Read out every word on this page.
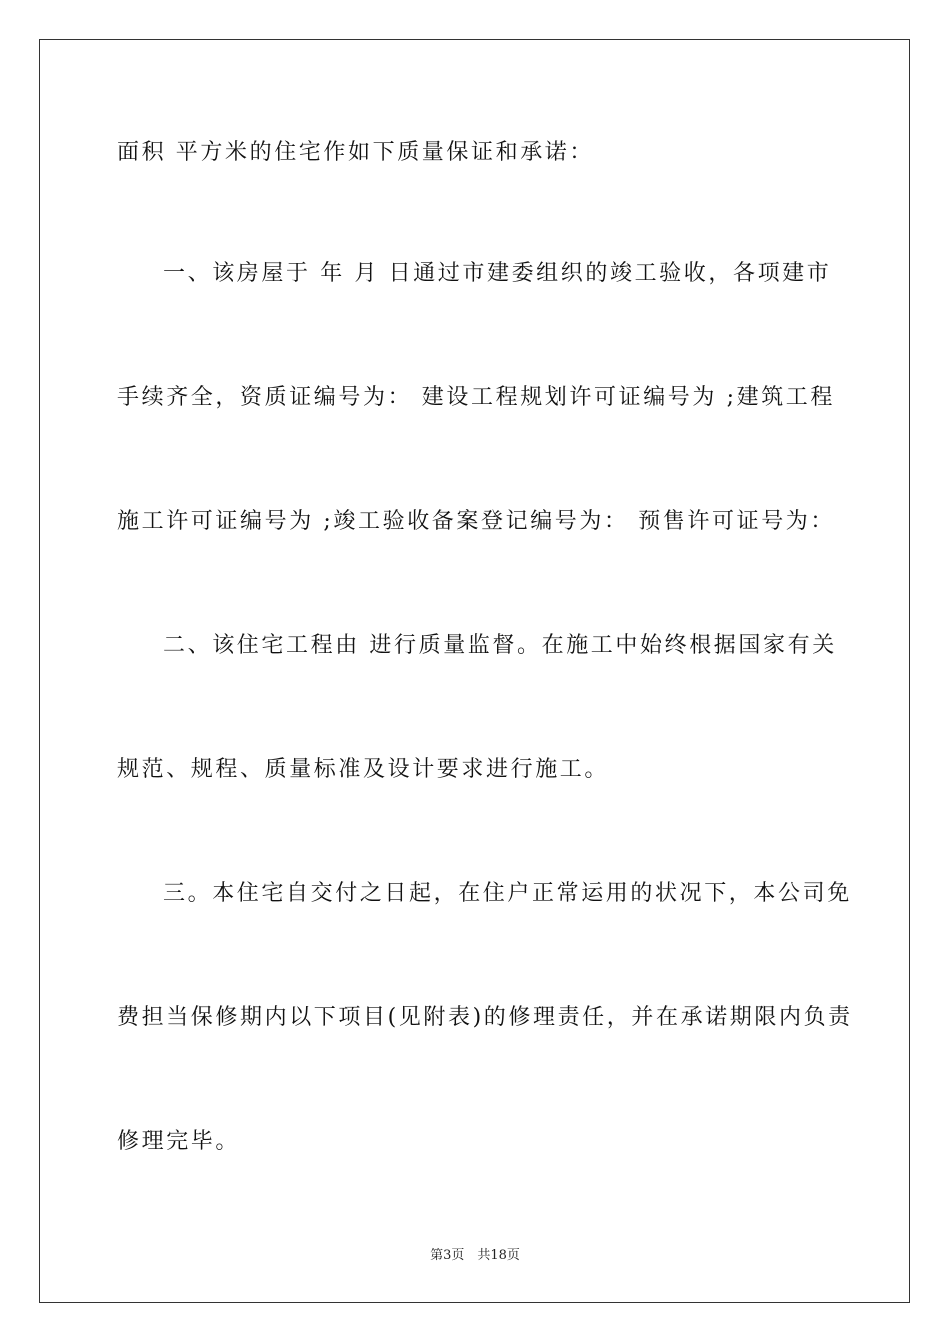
面积 平方米的住宅作如下质量保证和承诺：
一、该房屋于 年 月 日通过市建委组织的竣工验收，各项建市
手续齐全，资质证编号为： 建设工程规划许可证编号为 ;建筑工程
施工许可证编号为 ;竣工验收备案登记编号为： 预售许可证号为：
二、该住宅工程由 进行质量监督。在施工中始终根据国家有关
规范、规程、质量标准及设计要求进行施工。
三。本住宅自交付之日起，在住户正常运用的状况下，本公司免
费担当保修期内以下项目(见附表)的修理责任，并在承诺期限内负责
修理完毕。
第3页　共18页
